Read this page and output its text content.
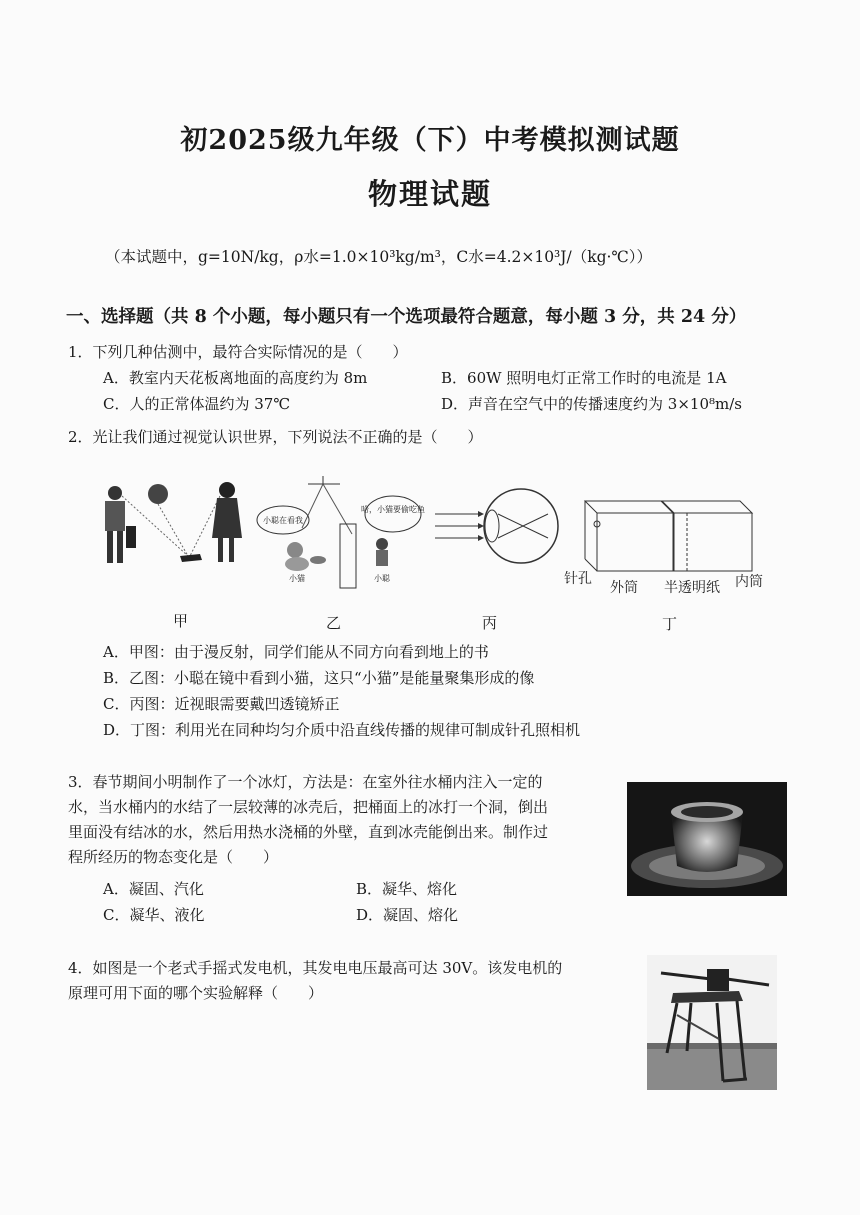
初2025级九年级（下）中考模拟测试题
物理试题
（本试题中，g=10N/kg，ρ水=1.0×10³kg/m³，C水=4.2×10³J/（kg·℃））
一、选择题（共 8 个小题，每小题只有一个选项最符合题意，每小题 3 分，共 24 分）
1．下列几种估测中，最符合实际情况的是（　　）
A．教室内天花板离地面的高度约为 8m	B．60W 照明电灯正常工作时的电流是 1A
C．人的正常体温约为 37℃	D．声音在空气中的传播速度约为 3×10⁸m/s
2．光让我们通过视觉认识世界，下列说法不正确的是（　　）
小聪在看我
哈，小猫要偷吃鱼
小猫	小聪	针孔
外筒 半透明纸 内筒
甲	乙	丙	丁
A．甲图：由于漫反射，同学们能从不同方向看到地上的书
B．乙图：小聪在镜中看到小猫，这只“小猫”是能量聚集形成的像
C．丙图：近视眼需要戴凹透镜矫正
D．丁图：利用光在同种均匀介质中沿直线传播的规律可制成针孔照相机
3．春节期间小明制作了一个冰灯，方法是：在室外往水桶内注入一定的
水，当水桶内的水结了一层较薄的冰壳后，把桶面上的冰打一个洞，倒出
里面没有结冰的水，然后用热水浇桶的外壁，直到冰壳能倒出来。制作过
程所经历的物态变化是（　　）
A．凝固、汽化	B．凝华、熔化
C．凝华、液化	D．凝固、熔化
4．如图是一个老式手摇式发电机，其发电电压最高可达 30V。该发电机的
原理可用下面的哪个实验解释（　　）
